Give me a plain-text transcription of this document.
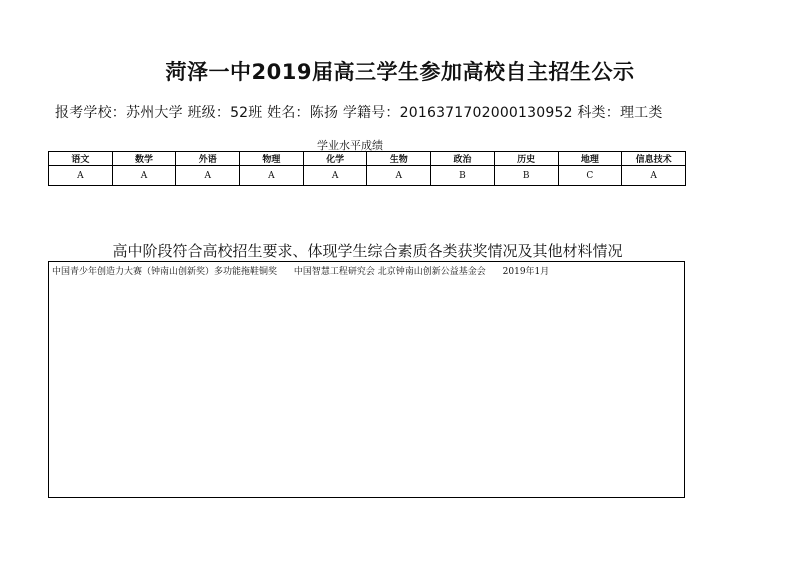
菏泽一中2019届高三学生参加高校自主招生公示
报考学校：苏州大学 班级：52班 姓名：陈扬 学籍号：2016371702000130952 科类：理工类
学业水平成绩
语文	数学	外语	物理	化学	生物	政治	历史	地理	信息技术
A	A	A	A	A	A	B	B	C	A
高中阶段符合高校招生要求、体现学生综合素质各类获奖情况及其他材料情况
中国青少年创造力大赛（钟南山创新奖）多功能拖鞋铜奖 中国智慧工程研究会 北京钟南山创新公益基金会 2019年1月
